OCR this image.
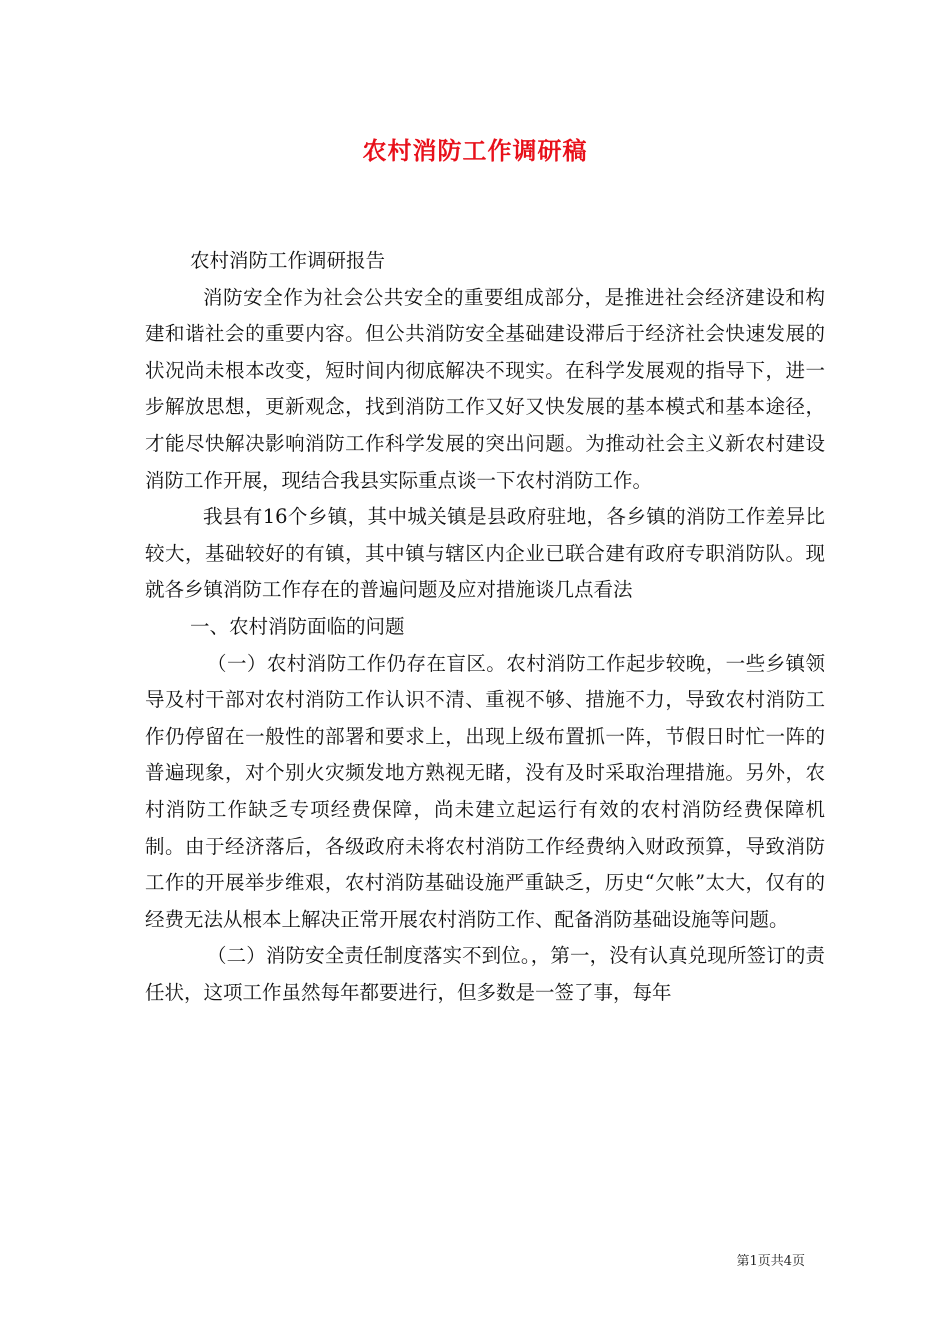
农村消防工作调研稿

农村消防工作调研报告

消防安全作为社会公共安全的重要组成部分，是推进社会经济建设和构建和谐社会的重要内容。但公共消防安全基础建设滞后于经济社会快速发展的状况尚未根本改变，短时间内彻底解决不现实。在科学发展观的指导下，进一步解放思想，更新观念，找到消防工作又好又快发展的基本模式和基本途径，才能尽快解决影响消防工作科学发展的突出问题。为推动社会主义新农村建设消防工作开展，现结合我县实际重点谈一下农村消防工作。

我县有16个乡镇，其中城关镇是县政府驻地，各乡镇的消防工作差异比较大，基础较好的有镇，其中镇与辖区内企业已联合建有政府专职消防队。现就各乡镇消防工作存在的普遍问题及应对措施谈几点看法

一、农村消防面临的问题

（一）农村消防工作仍存在盲区。农村消防工作起步较晚，一些乡镇领导及村干部对农村消防工作认识不清、重视不够、措施不力，导致农村消防工作仍停留在一般性的部署和要求上，出现上级布置抓一阵，节假日时忙一阵的普遍现象，对个别火灾频发地方熟视无睹，没有及时采取治理措施。另外，农村消防工作缺乏专项经费保障，尚未建立起运行有效的农村消防经费保障机制。由于经济落后，各级政府未将农村消防工作经费纳入财政预算，导致消防工作的开展举步维艰，农村消防基础设施严重缺乏，历史“欠帐”太大，仅有的经费无法从根本上解决正常开展农村消防工作、配备消防基础设施等问题。

（二）消防安全责任制度落实不到位。，第一，没有认真兑现所签订的责任状，这项工作虽然每年都要进行，但多数是一签了事，每年

第1页共4页
